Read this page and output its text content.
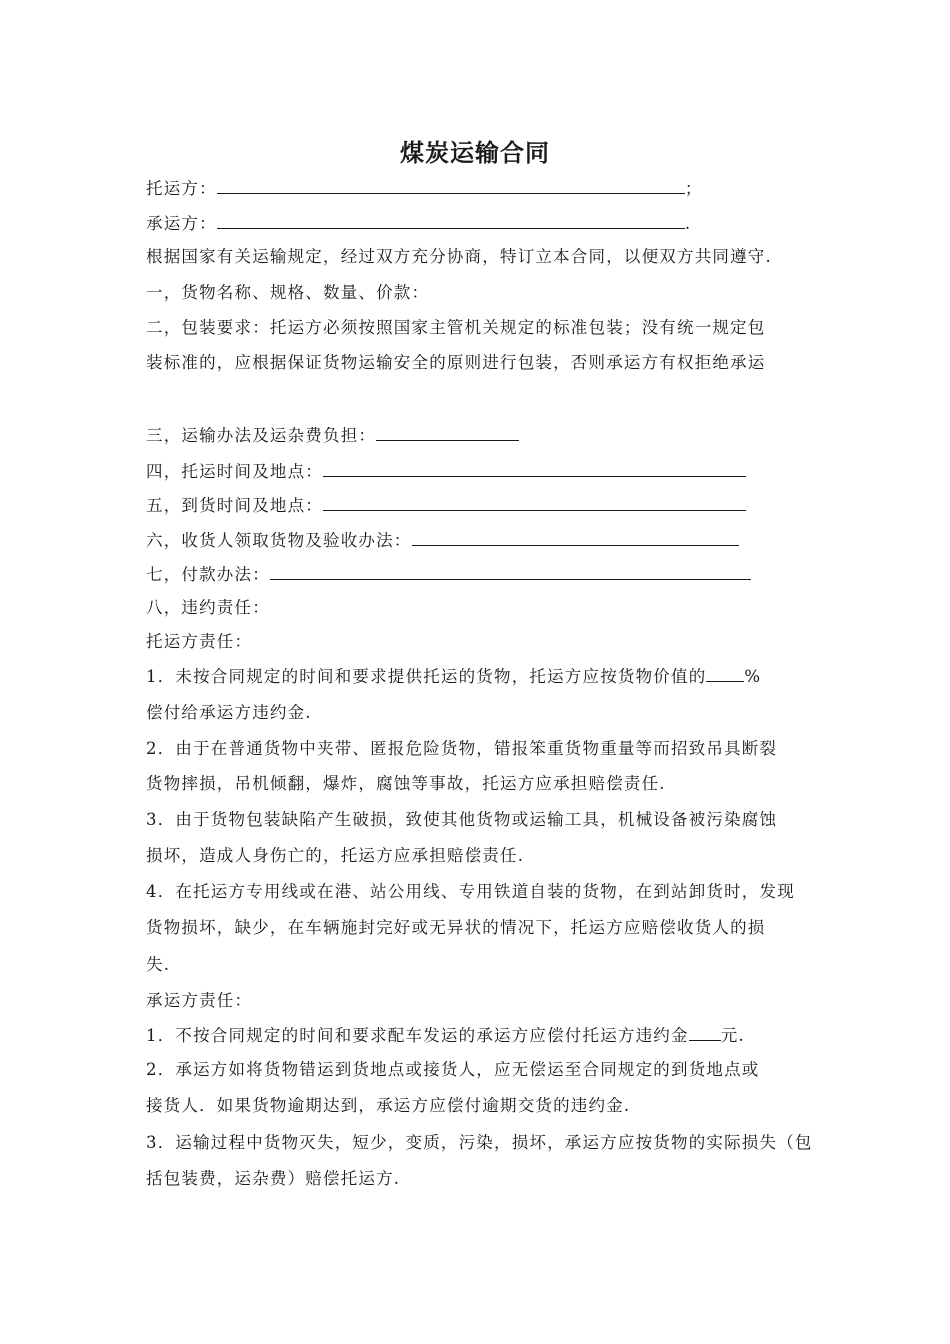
煤炭运输合同
托运方：	；
承运方：	.
根据国家有关运输规定，经过双方充分协商，特订立本合同，以便双方共同遵守.
一，货物名称、规格、数量、价款：
二，包装要求：托运方必须按照国家主管机关规定的标准包装；没有统一规定包
装标准的，应根据保证货物运输安全的原则进行包装，否则承运方有权拒绝承运
三，运输办法及运杂费负担：
四，托运时间及地点：
五，到货时间及地点：
六，收货人领取货物及验收办法：
七，付款办法：
八，违约责任：
托运方责任：
1．未按合同规定的时间和要求提供托运的货物，托运方应按货物价值的 %
偿付给承运方违约金.
2．由于在普通货物中夹带、匿报危险货物，错报笨重货物重量等而招致吊具断裂
货物摔损，吊机倾翻，爆炸，腐蚀等事故，托运方应承担赔偿责任.
3．由于货物包装缺陷产生破损，致使其他货物或运输工具，机械设备被污染腐蚀
损坏，造成人身伤亡的，托运方应承担赔偿责任.
4．在托运方专用线或在港、站公用线、专用铁道自装的货物，在到站卸货时，发现
货物损坏，缺少，在车辆施封完好或无异状的情况下，托运方应赔偿收货人的损
失.
承运方责任：
1．不按合同规定的时间和要求配车发运的承运方应偿付托运方违约金 元.
2．承运方如将货物错运到货地点或接货人，应无偿运至合同规定的到货地点或
接货人．如果货物逾期达到，承运方应偿付逾期交货的违约金.
3．运输过程中货物灭失，短少，变质，污染，损坏，承运方应按货物的实际损失（包
括包装费，运杂费）赔偿托运方.
